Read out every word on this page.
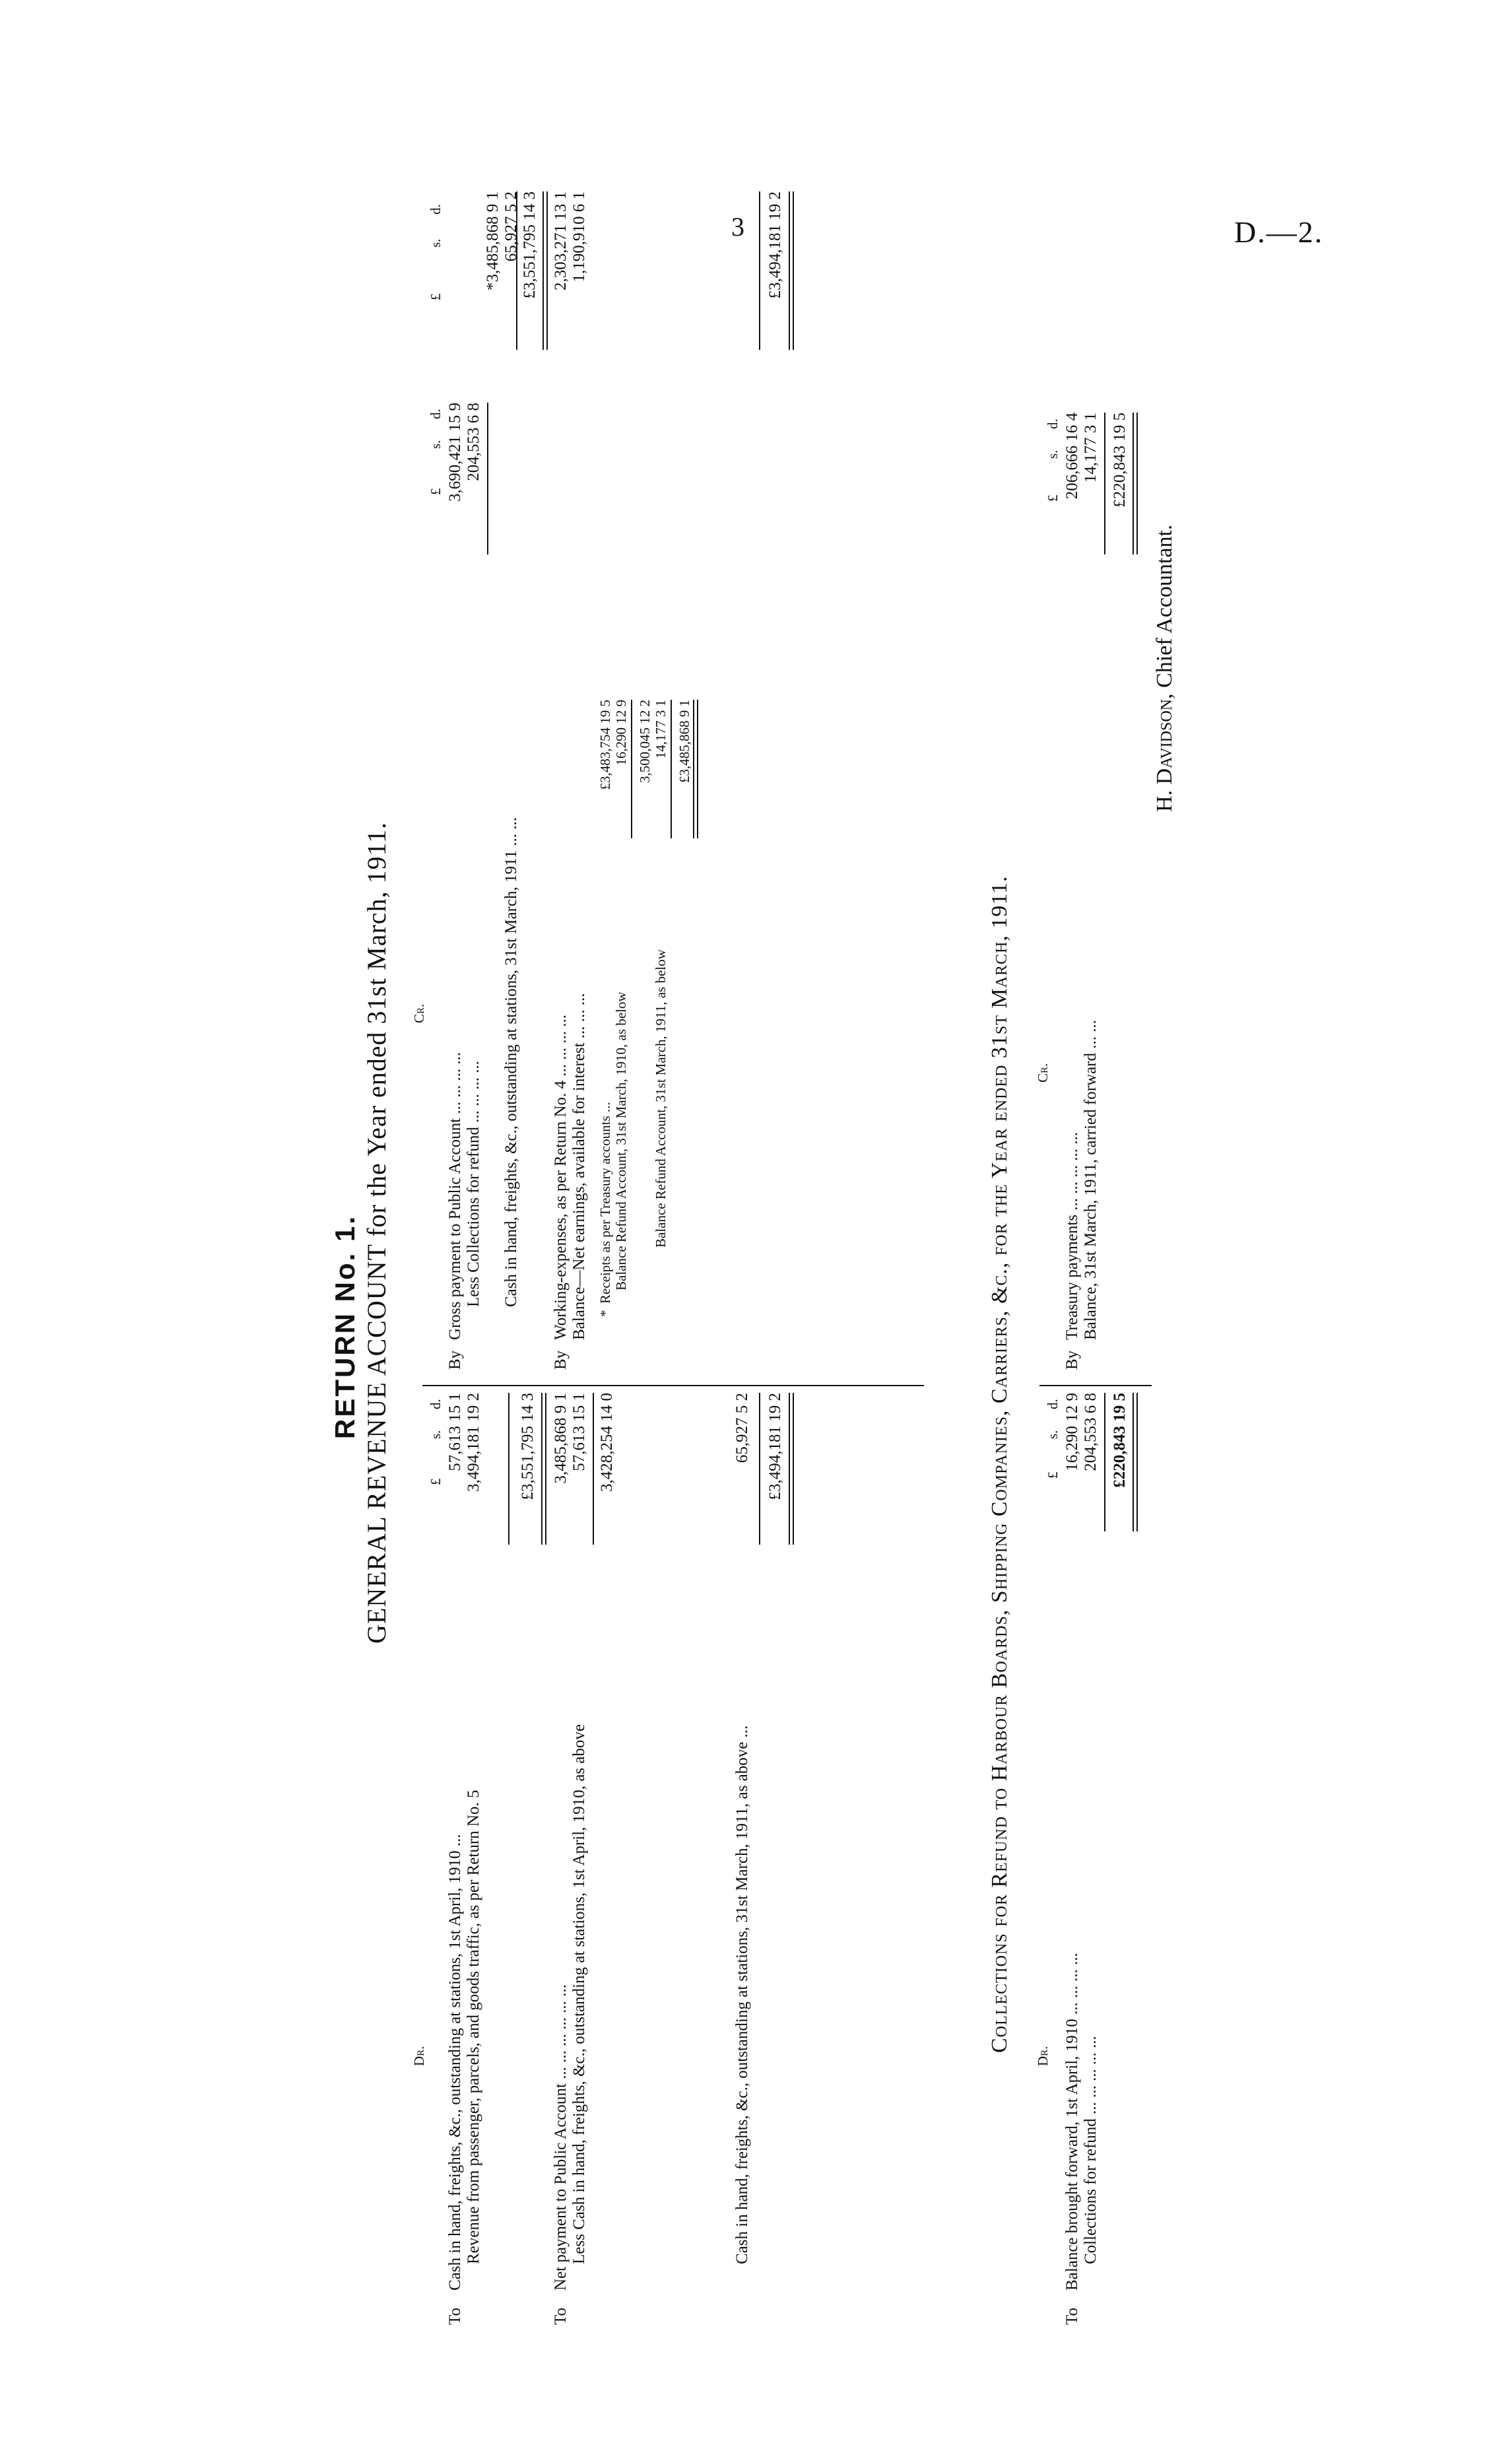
3	D.—2.
RETURN No. 1. GENERAL REVENUE ACCOUNT for the Year ended 31st March, 1911.
Dr.
Cr.
£
s.
d.
£
s.
d.
£
s.
d.
To
Cash in hand, freights, &c., outstanding at stations, 1st April, 1910 ...
57,613 15 1
Revenue from passenger, parcels, and goods traffic, as per Return No. 5
3,494,181 19 2 £3,551,795 14 3
To
Net payment to Public Account ... ... ... ... ... ...
3,485,868 9 1
Less Cash in hand, freights, &c., outstanding at stations, 1st April, 1910, as above
57,613 15 1 3,428,254 14 0
Cash in hand, freights, &c., outstanding at stations, 31st March, 1911, as above ...
65,927 5 2 £3,494,181 19 2
By
Gross payment to Public Account ... ... ... ...
3,690,421 15 9
Less Collections for refund ... ... ... ...
204,553 6 8
*3,485,868 9 1
Cash in hand, freights, &c., outstanding at stations, 31st March, 1911 ... ...
65,927 5 2 £3,551,795 14 3
By
Working-expenses, as per Return No. 4 ... ... ... ...
2,303,271 13 1
Balance—Net earnings, available for interest ... ... ...
1,190,910 6 1
*
Receipts as per Treasury accounts ...
£3,483,754 19 5
Balance Refund Account, 31st March, 1910, as below
16,290 12 9 3,500,045 12 2
Balance Refund Account, 31st March, 1911, as below
14,177 3 1 £3,485,868 9 1
£3,494,181 19 2
Collections for Refund to Harbour Boards, Shipping Companies, Carriers, &c., for the Year ended 31st March, 1911.
Dr.
Cr.
£
s.
d.
£
s.
d.
To
Balance brought forward, 1st April, 1910 ... ... ... ...
16,290 12 9
Collections for refund ... ... ... ... ...
204,553 6 8 £220,843 19 5
By
Treasury payments ... ... ... ... ...
206,666 16 4
Balance, 31st March, 1911, carried forward ... ...
14,177 3 1 £220,843 19 5
H. Davidson, Chief Accountant.
